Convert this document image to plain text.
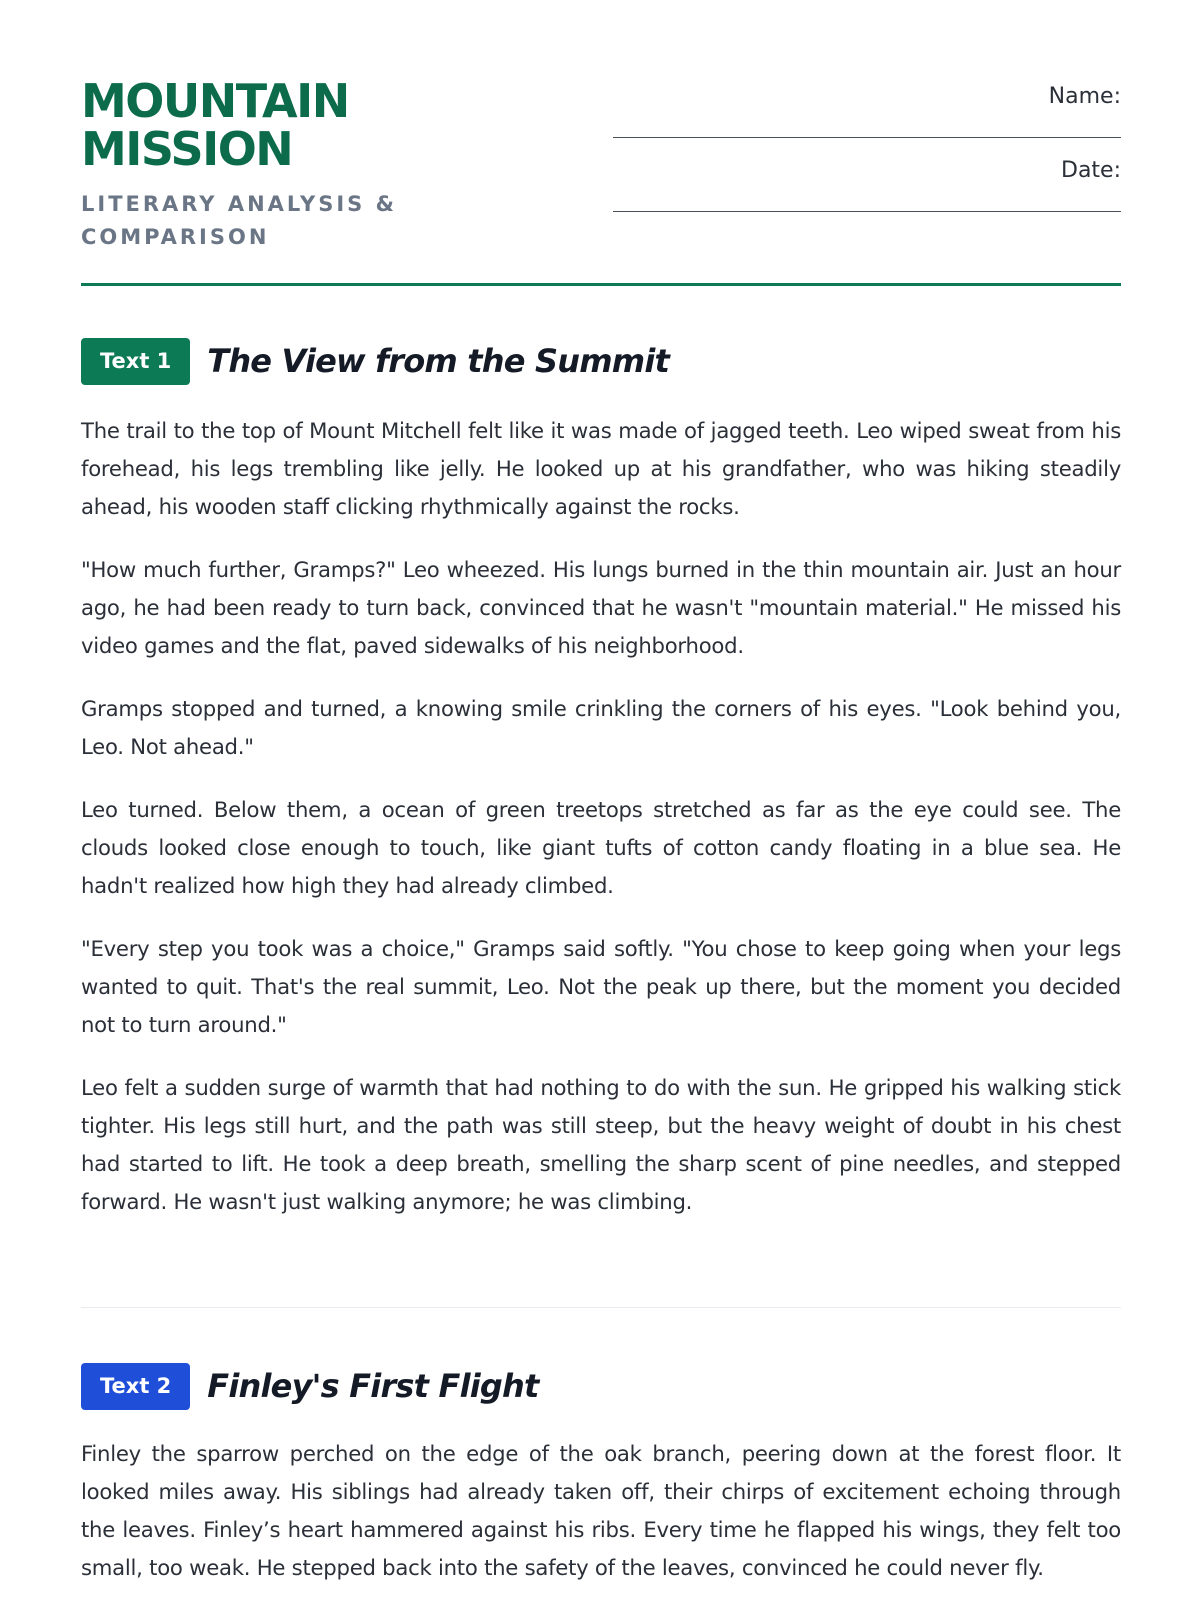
MOUNTAIN MISSION

LITERARY ANALYSIS & COMPARISON

Name:
Date:
Text 1	The View from the Summit

The trail to the top of Mount Mitchell felt like it was made of jagged teeth. Leo wiped sweat from his forehead, his legs trembling like jelly. He looked up at his grandfather, who was hiking steadily ahead, his wooden staff clicking rhythmically against the rocks.

"How much further, Gramps?" Leo wheezed. His lungs burned in the thin mountain air. Just an hour ago, he had been ready to turn back, convinced that he wasn't "mountain material." He missed his video games and the flat, paved sidewalks of his neighborhood.

Gramps stopped and turned, a knowing smile crinkling the corners of his eyes. "Look behind you, Leo. Not ahead."

Leo turned. Below them, a ocean of green treetops stretched as far as the eye could see. The clouds looked close enough to touch, like giant tufts of cotton candy floating in a blue sea. He hadn't realized how high they had already climbed.

"Every step you took was a choice," Gramps said softly. "You chose to keep going when your legs wanted to quit. That's the real summit, Leo. Not the peak up there, but the moment you decided not to turn around."

Leo felt a sudden surge of warmth that had nothing to do with the sun. He gripped his walking stick tighter. His legs still hurt, and the path was still steep, but the heavy weight of doubt in his chest had started to lift. He took a deep breath, smelling the sharp scent of pine needles, and stepped forward. He wasn't just walking anymore; he was climbing.

Text 2	Finley's First Flight

Finley the sparrow perched on the edge of the oak branch, peering down at the forest floor. It looked miles away. His siblings had already taken off, their chirps of excitement echoing through the leaves. Finley’s heart hammered against his ribs. Every time he flapped his wings, they felt too small, too weak. He stepped back into the safety of the leaves, convinced he could never fly.
